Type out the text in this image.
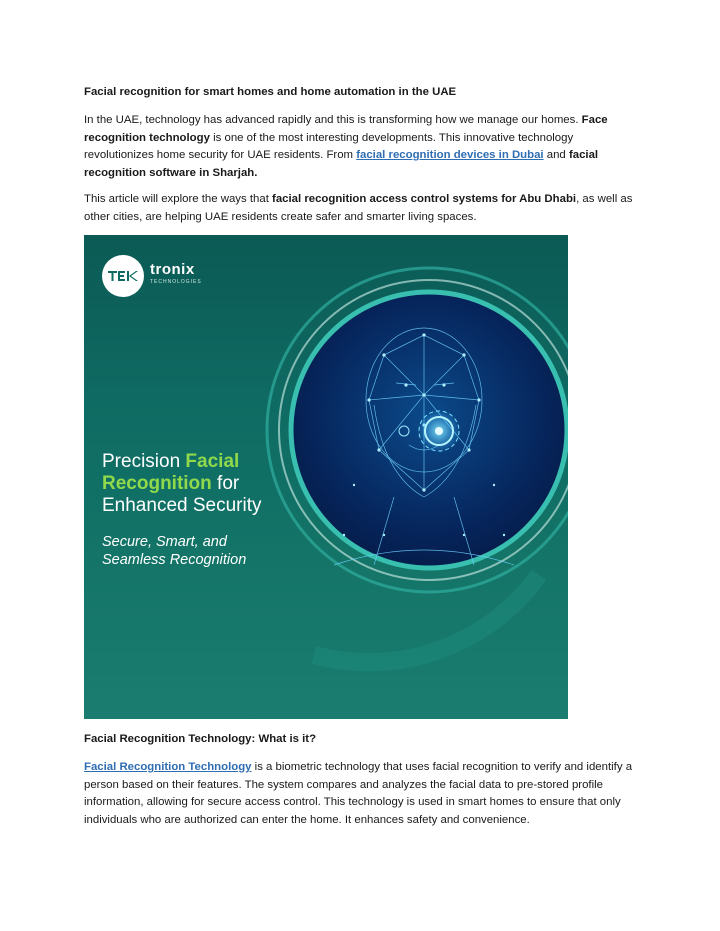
Facial recognition for smart homes and home automation in the UAE

In the UAE, technology has advanced rapidly and this is transforming how we manage our homes. Face recognition technology is one of the most interesting developments. This innovative technology revolutionizes home security for UAE residents. From facial recognition devices in Dubai and facial recognition software in Sharjah.

This article will explore the ways that facial recognition access control systems for Abu Dhabi, as well as other cities, are helping UAE residents create safer and smarter living spaces.

tronix
TECHNOLOGIES
Precision Facial
Recognition for
Enhanced Security
Secure, Smart, and
Seamless Recognition
Facial Recognition Technology: What is it?

Facial Recognition Technology is a biometric technology that uses facial recognition to verify and identify a person based on their features. The system compares and analyzes the facial data to pre-stored profile information, allowing for secure access control. This technology is used in smart homes to ensure that only individuals who are authorized can enter the home. It enhances safety and convenience.
